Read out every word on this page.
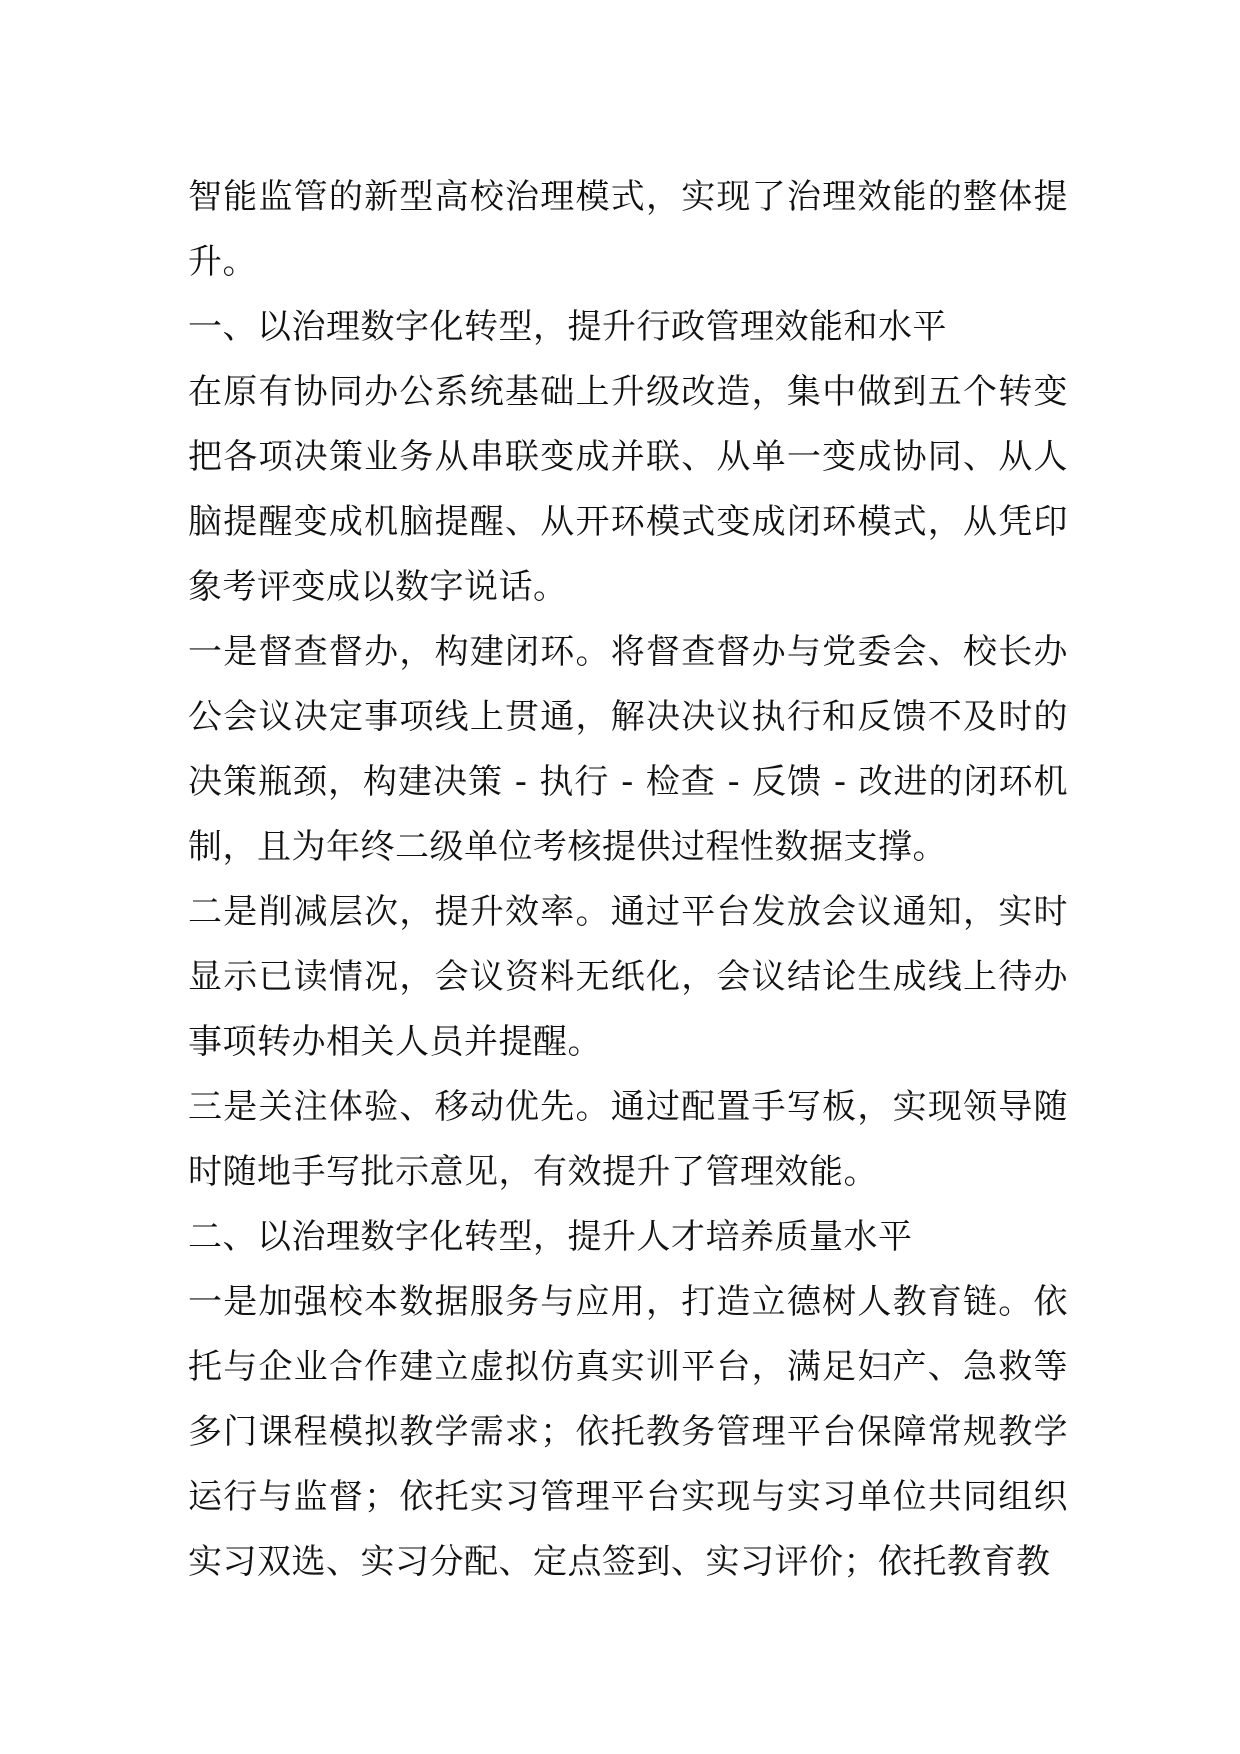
智能监管的新型高校治理模式，实现了治理效能的整体提升。

一、以治理数字化转型，提升行政管理效能和水平

在原有协同办公系统基础上升级改造，集中做到五个转变把各项决策业务从串联变成并联、从单一变成协同、从人脑提醒变成机脑提醒、从开环模式变成闭环模式，从凭印象考评变成以数字说话。

一是督查督办，构建闭环。将督查督办与党委会、校长办公会议决定事项线上贯通，解决决议执行和反馈不及时的决策瓶颈，构建决策 - 执行 - 检查 - 反馈 - 改进的闭环机制，且为年终二级单位考核提供过程性数据支撑。

二是削减层次，提升效率。通过平台发放会议通知，实时显示已读情况，会议资料无纸化，会议结论生成线上待办事项转办相关人员并提醒。

三是关注体验、移动优先。通过配置手写板，实现领导随时随地手写批示意见，有效提升了管理效能。

二、以治理数字化转型，提升人才培养质量水平

一是加强校本数据服务与应用，打造立德树人教育链。依托与企业合作建立虚拟仿真实训平台，满足妇产、急救等多门课程模拟教学需求；依托教务管理平台保障常规教学运行与监督；依托实习管理平台实现与实习单位共同组织实习双选、实习分配、定点签到、实习评价；依托教育教
